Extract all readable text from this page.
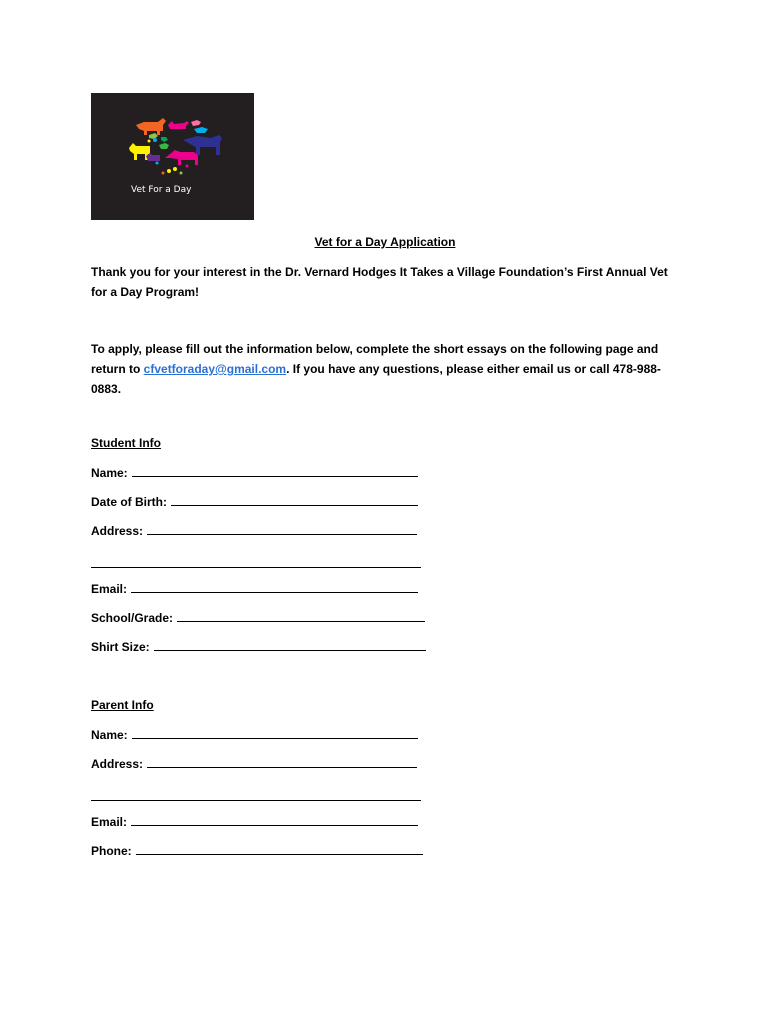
Vet For a Day
Vet for a Day Application
Thank you for your interest in the Dr. Vernard Hodges It Takes a Village Foundation’s First Annual Vet for a Day Program!
To apply, please fill out the information below, complete the short essays on the following page and return to cfvetforaday@gmail.com. If you have any questions, please either email us or call 478-988-0883.
Student Info
Name:
Date of Birth:
Address:
Email:
School/Grade:
Shirt Size:
Parent Info
Name:
Address:
Email:
Phone:
